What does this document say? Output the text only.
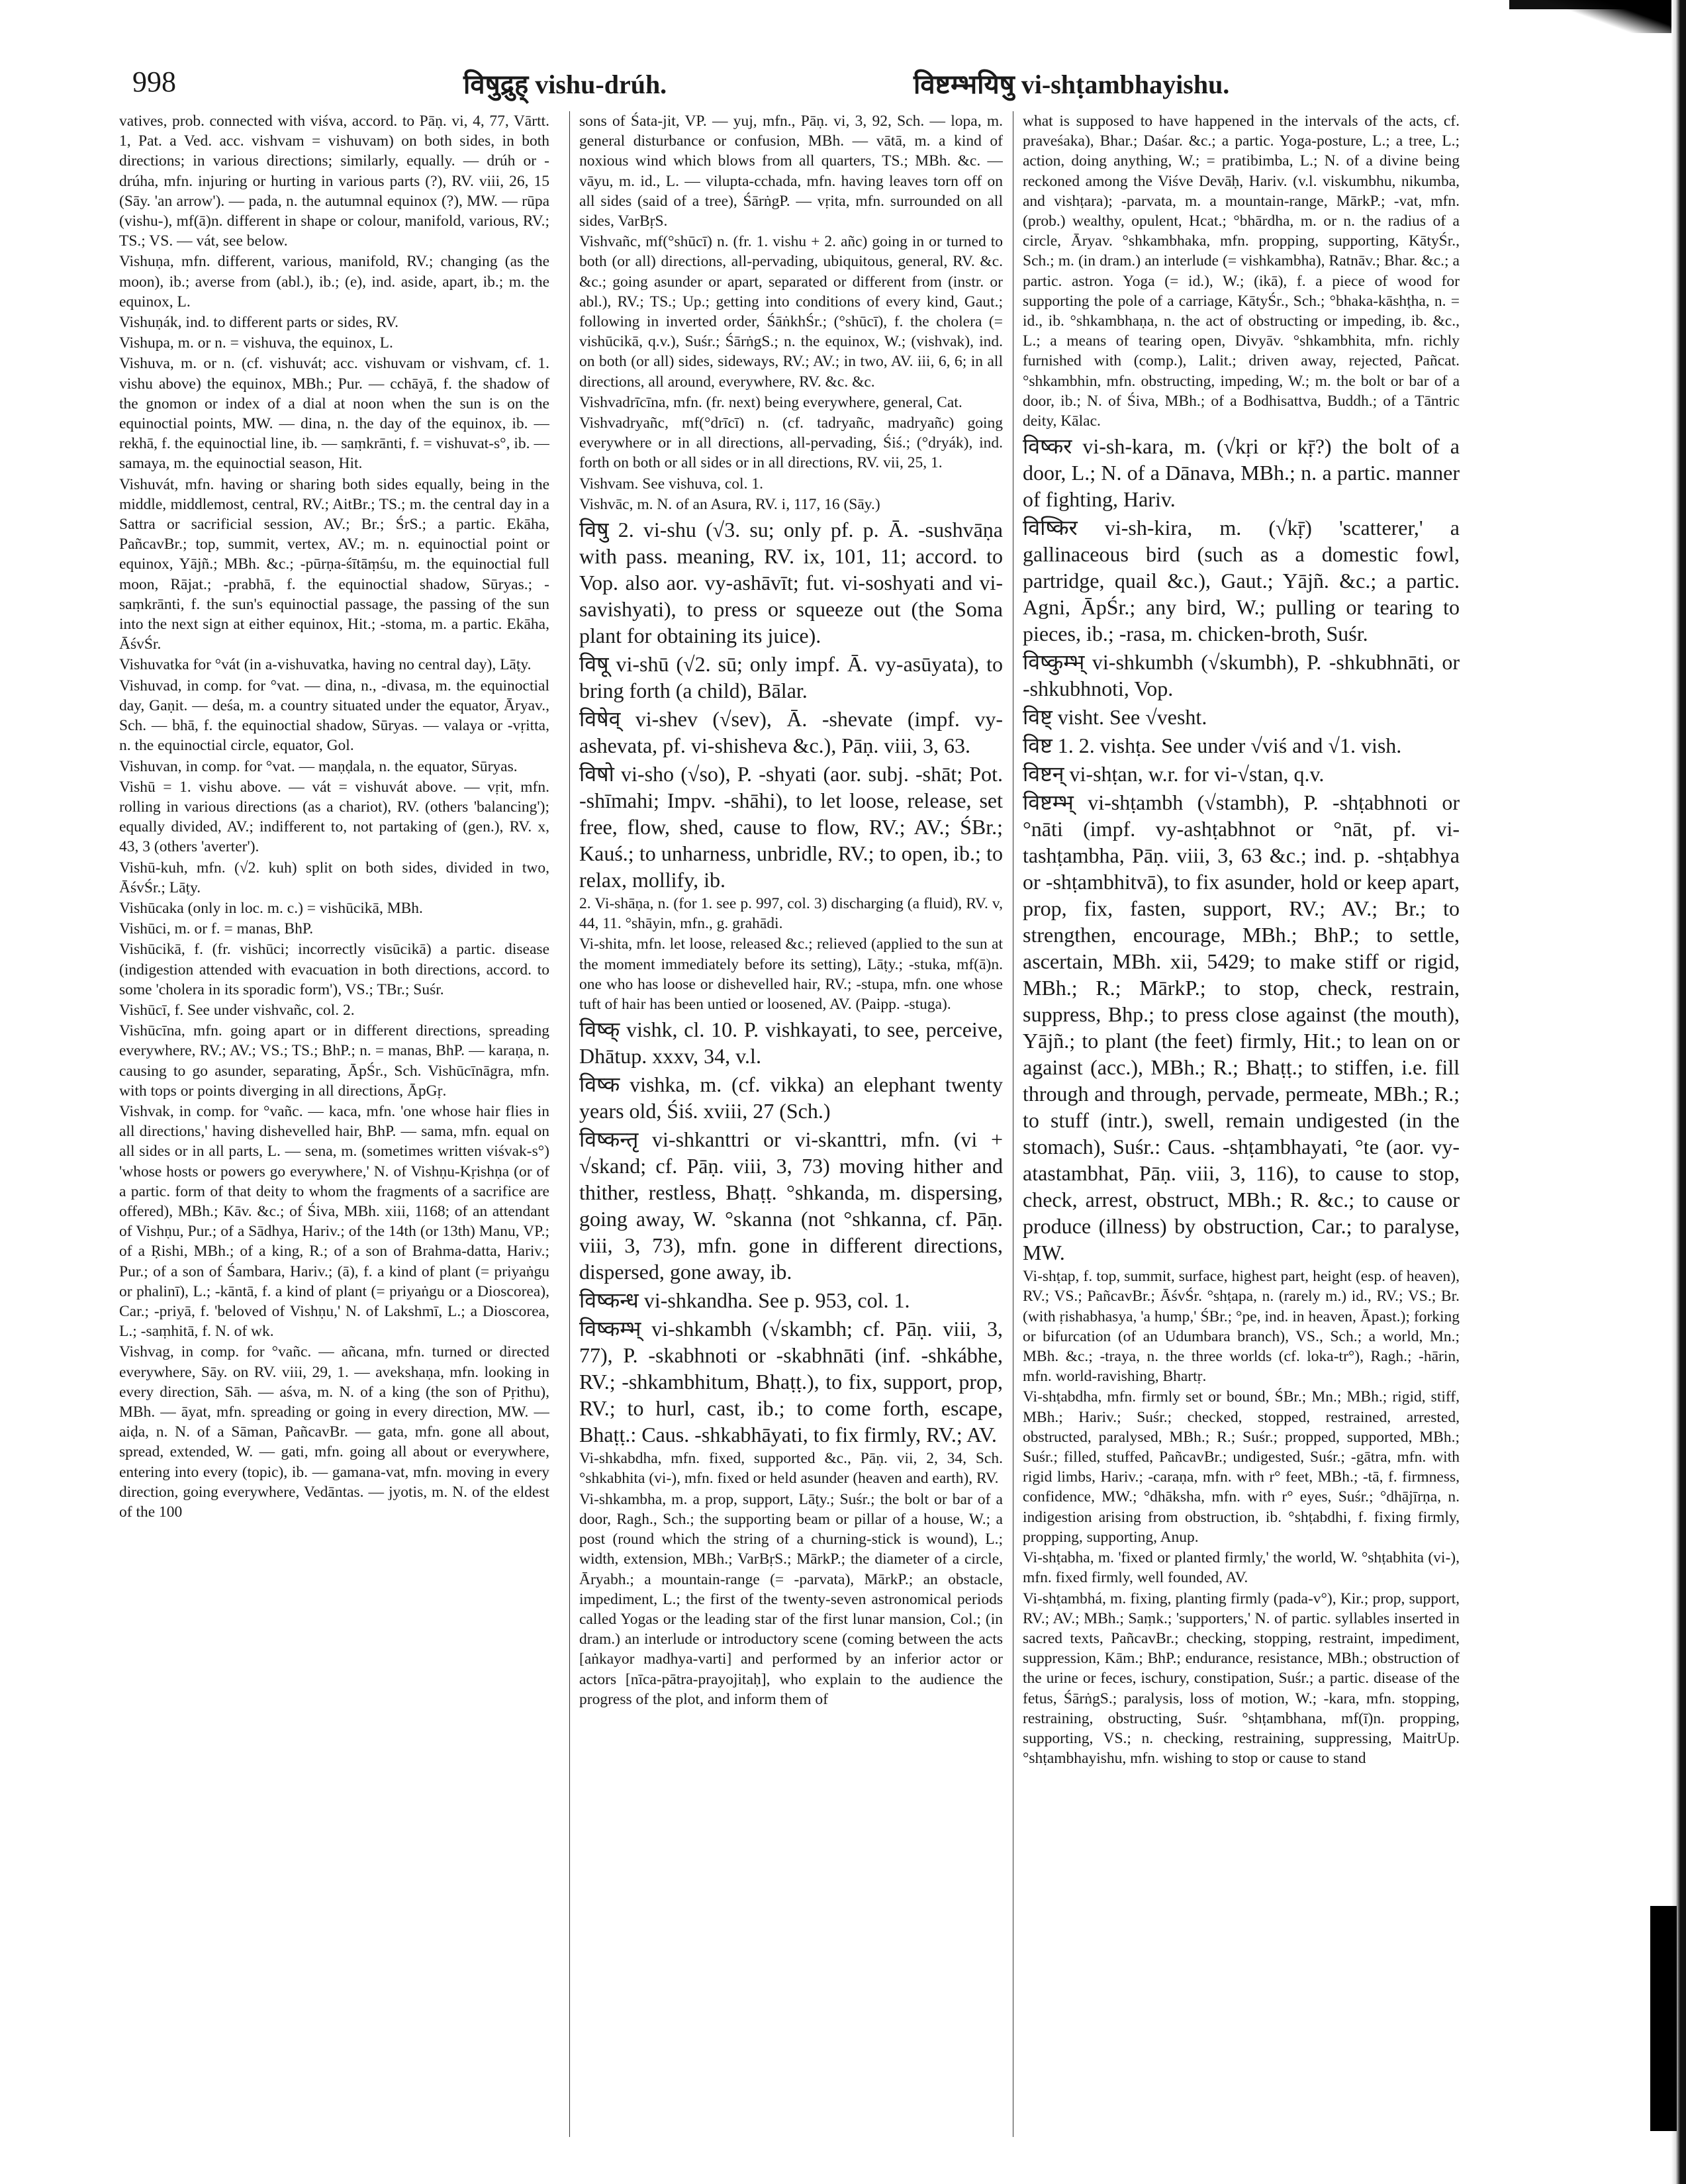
998	विषुद्रुह् vishu-drúh.	विष्टम्भयिषु vi-shṭambhayishu.

vatives, prob. connected with viśva, accord. to Pāṇ. vi, 4, 77, Vārtt. 1, Pat. a Ved. acc. vishvam = vishuvam) on both sides, in both directions; in various directions; similarly, equally. — drúh or -drúha, mfn. injuring or hurting in various parts (?), RV. viii, 26, 15 (Sāy. 'an arrow'). — pada, n. the autumnal equinox (?), MW. — rūpa (vishu-), mf(ā)n. different in shape or colour, manifold, various, RV.; TS.; VS. — vát, see below.

Vishuṇa, mfn. different, various, manifold, RV.; changing (as the moon), ib.; averse from (abl.), ib.; (e), ind. aside, apart, ib.; m. the equinox, L.

Vishuṇák, ind. to different parts or sides, RV.

Vishupa, m. or n. = vishuva, the equinox, L.

Vishuva, m. or n. (cf. vishuvát; acc. vishuvam or vishvam, cf. 1. vishu above) the equinox, MBh.; Pur. — cchāyā, f. the shadow of the gnomon or index of a dial at noon when the sun is on the equinoctial points, MW. — dina, n. the day of the equinox, ib. — rekhā, f. the equinoctial line, ib. — saṃkrānti, f. = vishuvat-s°, ib. — samaya, m. the equinoctial season, Hit.

Vishuvát, mfn. having or sharing both sides equally, being in the middle, middlemost, central, RV.; AitBr.; TS.; m. the central day in a Sattra or sacrificial session, AV.; Br.; ŚrS.; a partic. Ekāha, PañcavBr.; top, summit, vertex, AV.; m. n. equinoctial point or equinox, Yājñ.; MBh. &c.; -pūrṇa-śītāṃśu, m. the equinoctial full moon, Rājat.; -prabhā, f. the equinoctial shadow, Sūryas.; -saṃkrānti, f. the sun's equinoctial passage, the passing of the sun into the next sign at either equinox, Hit.; -stoma, m. a partic. Ekāha, ĀśvŚr.

Vishuvatka for °vát (in a-vishuvatka, having no central day), Lāṭy.

Vishuvad, in comp. for °vat. — dina, n., -divasa, m. the equinoctial day, Gaṇit. — deśa, m. a country situated under the equator, Āryav., Sch. — bhā, f. the equinoctial shadow, Sūryas. — valaya or -vṛitta, n. the equinoctial circle, equator, Gol.

Vishuvan, in comp. for °vat. — maṇḍala, n. the equator, Sūryas.

Vishū = 1. vishu above. — vát = vishuvát above. — vṛit, mfn. rolling in various directions (as a chariot), RV. (others 'balancing'); equally divided, AV.; indifferent to, not partaking of (gen.), RV. x, 43, 3 (others 'averter').

Vishū-kuh, mfn. (√2. kuh) split on both sides, divided in two, ĀśvŚr.; Lāṭy.

Vishūcaka (only in loc. m. c.) = vishūcikā, MBh.

Vishūci, m. or f. = manas, BhP.

Vishūcikā, f. (fr. vishūci; incorrectly visūcikā) a partic. disease (indigestion attended with evacuation in both directions, accord. to some 'cholera in its sporadic form'), VS.; TBr.; Suśr.

Vishūcī, f. See under vishvañc, col. 2.

Vishūcīna, mfn. going apart or in different directions, spreading everywhere, RV.; AV.; VS.; TS.; BhP.; n. = manas, BhP. — karaṇa, n. causing to go asunder, separating, ĀpŚr., Sch. Vishūcīnāgra, mfn. with tops or points diverging in all directions, ĀpGṛ.

Vishvak, in comp. for °vañc. — kaca, mfn. 'one whose hair flies in all directions,' having dishevelled hair, BhP. — sama, mfn. equal on all sides or in all parts, L. — sena, m. (sometimes written viśvak-s°) 'whose hosts or powers go everywhere,' N. of Vishṇu-Kṛishṇa (or of a partic. form of that deity to whom the fragments of a sacrifice are offered), MBh.; Kāv. &c.; of Śiva, MBh. xiii, 1168; of an attendant of Vishṇu, Pur.; of a Sādhya, Hariv.; of the 14th (or 13th) Manu, VP.; of a Ṛishi, MBh.; of a king, R.; of a son of Brahma-datta, Hariv.; Pur.; of a son of Śambara, Hariv.; (ā), f. a kind of plant (= priyaṅgu or phalinī), L.; -kāntā, f. a kind of plant (= priyaṅgu or a Dioscorea), Car.; -priyā, f. 'beloved of Vishṇu,' N. of Lakshmī, L.; a Dioscorea, L.; -saṃhitā, f. N. of wk.

Vishvag, in comp. for °vañc. — añcana, mfn. turned or directed everywhere, Sāy. on RV. viii, 29, 1. — avekshaṇa, mfn. looking in every direction, Sāh. — aśva, m. N. of a king (the son of Pṛithu), MBh. — āyat, mfn. spreading or going in every direction, MW. — aiḍa, n. N. of a Sāman, PañcavBr. — gata, mfn. gone all about, spread, extended, W. — gati, mfn. going all about or everywhere, entering into every (topic), ib. — gamana-vat, mfn. moving in every direction, going everywhere, Vedāntas. — jyotis, m. N. of the eldest of the 100

sons of Śata-jit, VP. — yuj, mfn., Pāṇ. vi, 3, 92, Sch. — lopa, m. general disturbance or confusion, MBh. — vātā, m. a kind of noxious wind which blows from all quarters, TS.; MBh. &c. — vāyu, m. id., L. — vilupta-cchada, mfn. having leaves torn off on all sides (said of a tree), ŚārṅgP. — vṛita, mfn. surrounded on all sides, VarBṛS.

Vishvañc, mf(°shūcī) n. (fr. 1. vishu + 2. añc) going in or turned to both (or all) directions, all-pervading, ubiquitous, general, RV. &c. &c.; going asunder or apart, separated or different from (instr. or abl.), RV.; TS.; Up.; getting into conditions of every kind, Gaut.; following in inverted order, ŚāṅkhŚr.; (°shūcī), f. the cholera (= vishūcikā, q.v.), Suśr.; ŚārṅgS.; n. the equinox, W.; (vishvak), ind. on both (or all) sides, sideways, RV.; AV.; in two, AV. iii, 6, 6; in all directions, all around, everywhere, RV. &c. &c.

Vishvadrīcīna, mfn. (fr. next) being everywhere, general, Cat.

Vishvadryañc, mf(°drīcī) n. (cf. tadryañc, madryañc) going everywhere or in all directions, all-pervading, Śiś.; (°dryák), ind. forth on both or all sides or in all directions, RV. vii, 25, 1.

Vishvam. See vishuva, col. 1.

Vishvāc, m. N. of an Asura, RV. i, 117, 16 (Sāy.)

विषु 2. vi-shu (√3. su; only pf. p. Ā. -sushvāṇa with pass. meaning, RV. ix, 101, 11; accord. to Vop. also aor. vy-ashāvīt; fut. vi-soshyati and vi-savishyati), to press or squeeze out (the Soma plant for obtaining its juice).

विषू vi-shū (√2. sū; only impf. Ā. vy-asūyata), to bring forth (a child), Bālar.

विषेव् vi-shev (√sev), Ā. -shevate (impf. vy-ashevata, pf. vi-shisheva &c.), Pāṇ. viii, 3, 63.

विषो vi-sho (√so), P. -shyati (aor. subj. -shāt; Pot. -shīmahi; Impv. -shāhi), to let loose, release, set free, flow, shed, cause to flow, RV.; AV.; ŚBr.; Kauś.; to unharness, unbridle, RV.; to open, ib.; to relax, mollify, ib.

2. Vi-shāṇa, n. (for 1. see p. 997, col. 3) discharging (a fluid), RV. v, 44, 11. °shāyin, mfn., g. grahādi.

Vi-shita, mfn. let loose, released &c.; relieved (applied to the sun at the moment immediately before its setting), Lāṭy.; -stuka, mf(ā)n. one who has loose or dishevelled hair, RV.; -stupa, mfn. one whose tuft of hair has been untied or loosened, AV. (Paipp. -stuga).

विष्क् vishk, cl. 10. P. vishkayati, to see, perceive, Dhātup. xxxv, 34, v.l.

विष्क vishka, m. (cf. vikka) an elephant twenty years old, Śiś. xviii, 27 (Sch.)

विष्कन्तृ vi-shkanttri or vi-skanttri, mfn. (vi + √skand; cf. Pāṇ. viii, 3, 73) moving hither and thither, restless, Bhaṭṭ. °shkanda, m. dispersing, going away, W. °skanna (not °shkanna, cf. Pāṇ. viii, 3, 73), mfn. gone in different directions, dispersed, gone away, ib.

विष्कन्ध vi-shkandha. See p. 953, col. 1.

विष्कम्भ् vi-shkambh (√skambh; cf. Pāṇ. viii, 3, 77), P. -skabhnoti or -skabhnāti (inf. -shkábhe, RV.; -shkambhitum, Bhaṭṭ.), to fix, support, prop, RV.; to hurl, cast, ib.; to come forth, escape, Bhaṭṭ.: Caus. -shkabhāyati, to fix firmly, RV.; AV.

Vi-shkabdha, mfn. fixed, supported &c., Pāṇ. vii, 2, 34, Sch. °shkabhita (vi-), mfn. fixed or held asunder (heaven and earth), RV.

Vi-shkambha, m. a prop, support, Lāṭy.; Suśr.; the bolt or bar of a door, Ragh., Sch.; the supporting beam or pillar of a house, W.; a post (round which the string of a churning-stick is wound), L.; width, extension, MBh.; VarBṛS.; MārkP.; the diameter of a circle, Āryabh.; a mountain-range (= -parvata), MārkP.; an obstacle, impediment, L.; the first of the twenty-seven astronomical periods called Yogas or the leading star of the first lunar mansion, Col.; (in dram.) an interlude or introductory scene (coming between the acts [aṅkayor madhya-varti] and performed by an inferior actor or actors [nīca-pātra-prayojitaḥ], who explain to the audience the progress of the plot, and inform them of

what is supposed to have happened in the intervals of the acts, cf. praveśaka), Bhar.; Daśar. &c.; a partic. Yoga-posture, L.; a tree, L.; action, doing anything, W.; = pratibimba, L.; N. of a divine being reckoned among the Viśve Devāḥ, Hariv. (v.l. viskumbhu, nikumba, and vishṭara); -parvata, m. a mountain-range, MārkP.; -vat, mfn. (prob.) wealthy, opulent, Hcat.; °bhārdha, m. or n. the radius of a circle, Āryav. °shkambhaka, mfn. propping, supporting, KātyŚr., Sch.; m. (in dram.) an interlude (= vishkambha), Ratnāv.; Bhar. &c.; a partic. astron. Yoga (= id.), W.; (ikā), f. a piece of wood for supporting the pole of a carriage, KātyŚr., Sch.; °bhaka-kāshṭha, n. = id., ib. °shkambhaṇa, n. the act of obstructing or impeding, ib. &c., L.; a means of tearing open, Divyāv. °shkambhita, mfn. richly furnished with (comp.), Lalit.; driven away, rejected, Pañcat. °shkambhin, mfn. obstructing, impeding, W.; m. the bolt or bar of a door, ib.; N. of Śiva, MBh.; of a Bodhisattva, Buddh.; of a Tāntric deity, Kālac.

विष्कर vi-sh-kara, m. (√kṛi or kṝ?) the bolt of a door, L.; N. of a Dānava, MBh.; n. a partic. manner of fighting, Hariv.

विष्किर vi-sh-kira, m. (√kṝ) 'scatterer,' a gallinaceous bird (such as a domestic fowl, partridge, quail &c.), Gaut.; Yājñ. &c.; a partic. Agni, ĀpŚr.; any bird, W.; pulling or tearing to pieces, ib.; -rasa, m. chicken-broth, Suśr.

विष्कुम्भ् vi-shkumbh (√skumbh), P. -shkubhnāti, or -shkubhnoti, Vop.

विष्ट् visht. See √vesht.

विष्ट 1. 2. vishṭa. See under √viś and √1. vish.

विष्टन् vi-shṭan, w.r. for vi-√stan, q.v.

विष्टम्भ् vi-shṭambh (√stambh), P. -shṭabhnoti or °nāti (impf. vy-ashṭabhnot or °nāt, pf. vi-tashṭambha, Pāṇ. viii, 3, 63 &c.; ind. p. -shṭabhya or -shṭambhitvā), to fix asunder, hold or keep apart, prop, fix, fasten, support, RV.; AV.; Br.; to strengthen, encourage, MBh.; BhP.; to settle, ascertain, MBh. xii, 5429; to make stiff or rigid, MBh.; R.; MārkP.; to stop, check, restrain, suppress, Bhp.; to press close against (the mouth), Yājñ.; to plant (the feet) firmly, Hit.; to lean on or against (acc.), MBh.; R.; Bhaṭṭ.; to stiffen, i.e. fill through and through, pervade, permeate, MBh.; R.; to stuff (intr.), swell, remain undigested (in the stomach), Suśr.: Caus. -shṭambhayati, °te (aor. vy-atastambhat, Pāṇ. viii, 3, 116), to cause to stop, check, arrest, obstruct, MBh.; R. &c.; to cause or produce (illness) by obstruction, Car.; to paralyse, MW.

Vi-shṭap, f. top, summit, surface, highest part, height (esp. of heaven), RV.; VS.; PañcavBr.; ĀśvŚr. °shṭapa, n. (rarely m.) id., RV.; VS.; Br. (with ṛishabhasya, 'a hump,' ŚBr.; °pe, ind. in heaven, Āpast.); forking or bifurcation (of an Udumbara branch), VS., Sch.; a world, Mn.; MBh. &c.; -traya, n. the three worlds (cf. loka-tr°), Ragh.; -hārin, mfn. world-ravishing, Bhartṛ.

Vi-shṭabdha, mfn. firmly set or bound, ŚBr.; Mn.; MBh.; rigid, stiff, MBh.; Hariv.; Suśr.; checked, stopped, restrained, arrested, obstructed, paralysed, MBh.; R.; Suśr.; propped, supported, MBh.; Suśr.; filled, stuffed, PañcavBr.; undigested, Suśr.; -gātra, mfn. with rigid limbs, Hariv.; -caraṇa, mfn. with r° feet, MBh.; -tā, f. firmness, confidence, MW.; °dhāksha, mfn. with r° eyes, Suśr.; °dhājīrṇa, n. indigestion arising from obstruction, ib. °shṭabdhi, f. fixing firmly, propping, supporting, Anup.

Vi-shṭabha, m. 'fixed or planted firmly,' the world, W. °shṭabhita (vi-), mfn. fixed firmly, well founded, AV.

Vi-shṭambhá, m. fixing, planting firmly (pada-v°), Kir.; prop, support, RV.; AV.; MBh.; Saṃk.; 'supporters,' N. of partic. syllables inserted in sacred texts, PañcavBr.; checking, stopping, restraint, impediment, suppression, Kām.; BhP.; endurance, resistance, MBh.; obstruction of the urine or feces, ischury, constipation, Suśr.; a partic. disease of the fetus, ŚārṅgS.; paralysis, loss of motion, W.; -kara, mfn. stopping, restraining, obstructing, Suśr. °shṭambhana, mf(ī)n. propping, supporting, VS.; n. checking, restraining, suppressing, MaitrUp. °shṭambhayishu, mfn. wishing to stop or cause to stand
